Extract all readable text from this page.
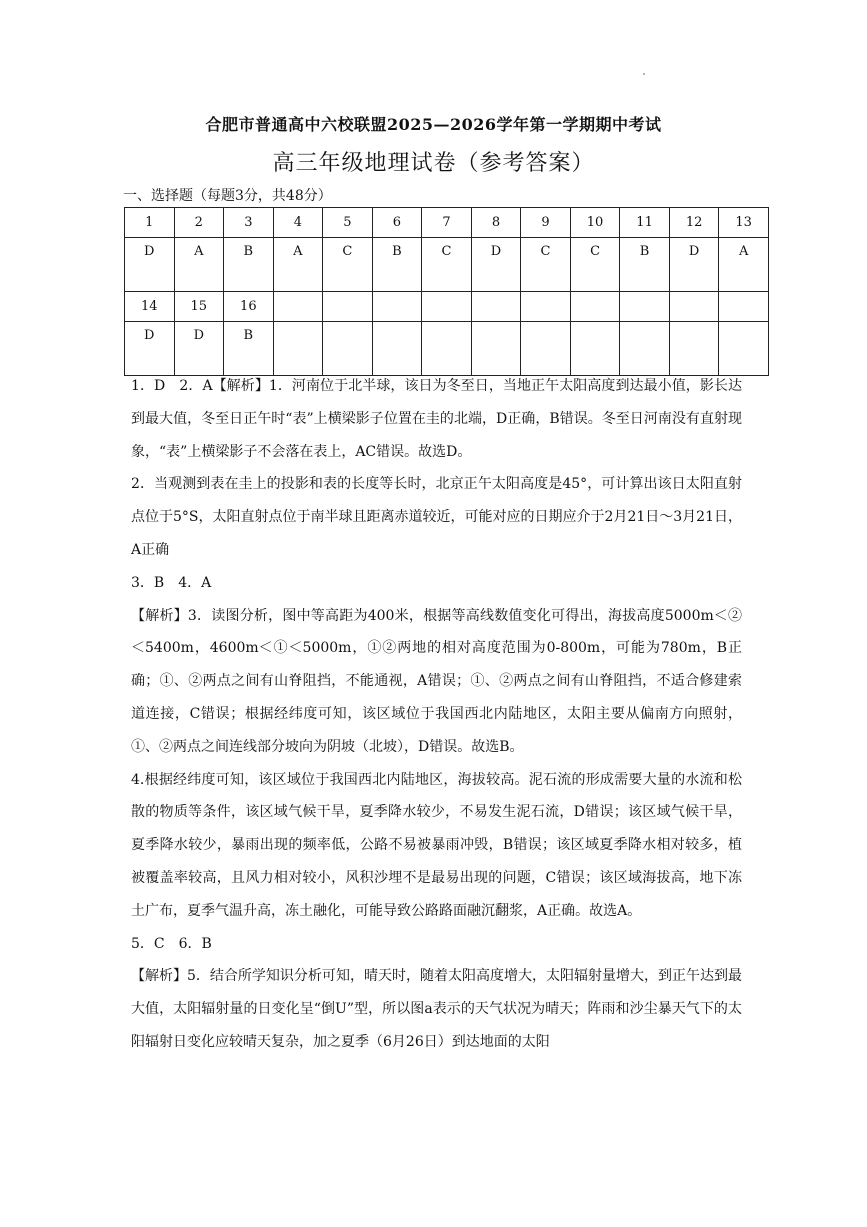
合肥市普通高中六校联盟2025—2026学年第一学期期中考试
高三年级地理试卷（参考答案）
一、选择题（每题3分，共48分）
1	2	3	4	5	6	7	8	9	10	11	12	13
D	A	B	A	C	B	C	D	C	C	B	D	A
14	15	16										
D	D	B										

1．D　2．A【解析】1．河南位于北半球，该日为冬至日，当地正午太阳高度到达最小值，影长达到最大值，冬至日正午时“表”上横梁影子位置在圭的北端，D正确，B错误。冬至日河南没有直射现象，“表”上横梁影子不会落在表上，AC错误。故选D。

2．当观测到表在圭上的投影和表的长度等长时，北京正午太阳高度是45°，可计算出该日太阳直射点位于5°S，太阳直射点位于南半球且距离赤道较近，可能对应的日期应介于2月21日～3月21日，A正确

3．B　4．A

【解析】3．读图分析，图中等高距为400米，根据等高线数值变化可得出，海拔高度5000m＜②＜5400m，4600m＜①＜5000m，①②两地的相对高度范围为0-800m，可能为780m，B正确；①、②两点之间有山脊阻挡，不能通视，A错误；①、②两点之间有山脊阻挡，不适合修建索道连接，C错误；根据经纬度可知，该区域位于我国西北内陆地区，太阳主要从偏南方向照射，①、②两点之间连线部分坡向为阴坡（北坡），D错误。故选B。

4.根据经纬度可知，该区域位于我国西北内陆地区，海拔较高。泥石流的形成需要大量的水流和松散的物质等条件，该区域气候干旱，夏季降水较少，不易发生泥石流，D错误；该区域气候干旱，夏季降水较少，暴雨出现的频率低，公路不易被暴雨冲毁，B错误；该区域夏季降水相对较多，植被覆盖率较高，且风力相对较小，风积沙埋不是最易出现的问题，C错误；该区域海拔高，地下冻土广布，夏季气温升高，冻土融化，可能导致公路路面融沉翻浆，A正确。故选A。

5．C　6．B

【解析】5．结合所学知识分析可知，晴天时，随着太阳高度增大，太阳辐射量增大，到正午达到最大值，太阳辐射量的日变化呈“倒U”型，所以图a表示的天气状况为晴天；阵雨和沙尘暴天气下的太阳辐射日变化应较晴天复杂，加之夏季（6月26日）到达地面的太阳
